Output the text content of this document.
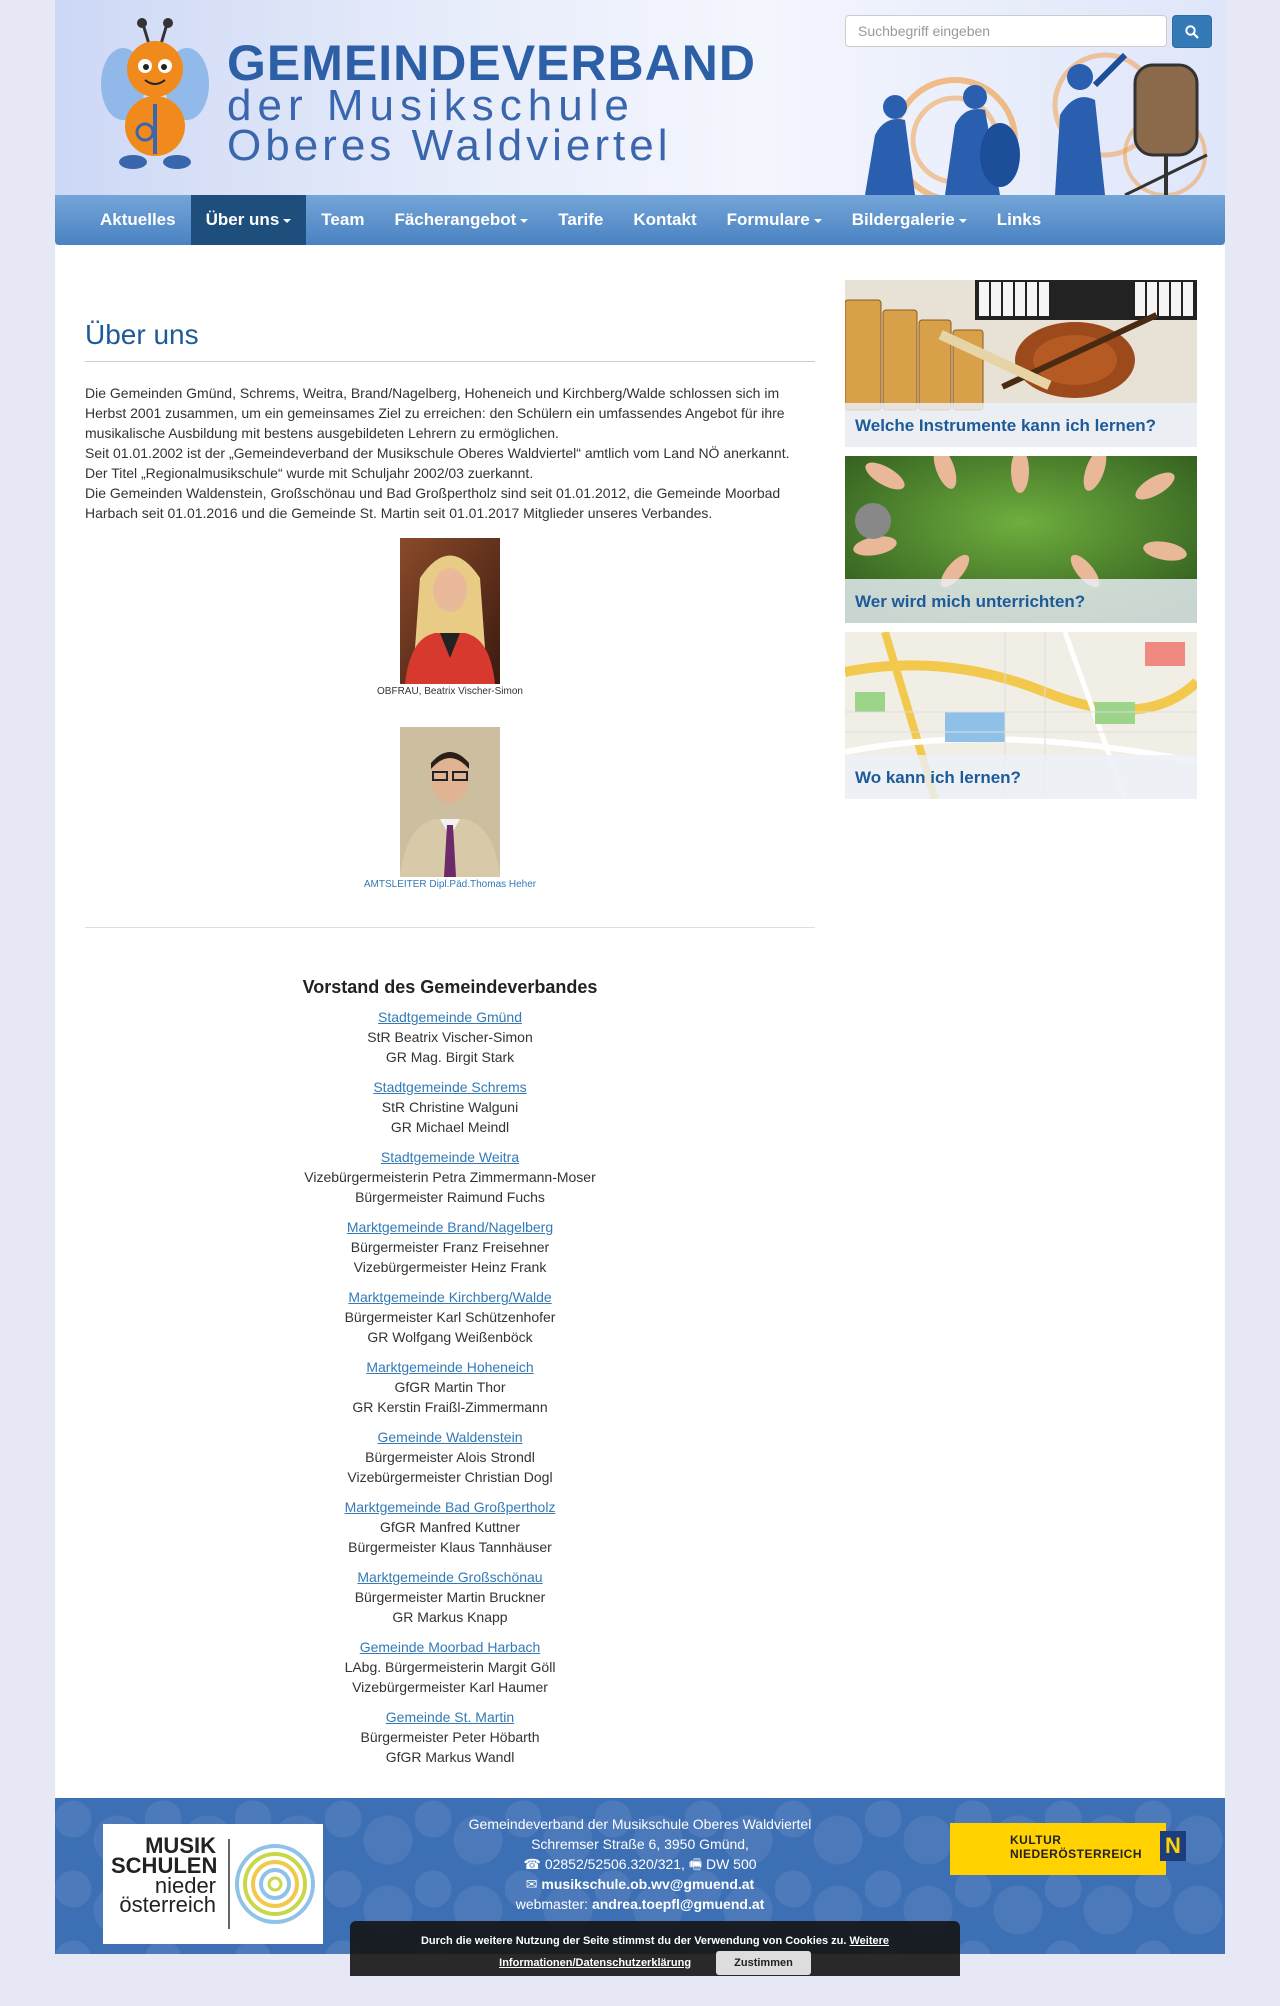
GEMEINDEVERBAND
der Musikschule
Oberes Waldviertel
Suchbegriff eingeben
Aktuelles	Über uns	Team	Fächerangebot	Tarife	Kontakt	Formulare	Bildergalerie	Links
Über uns

Die Gemeinden Gmünd, Schrems, Weitra, Brand/Nagelberg, Hoheneich und Kirchberg/Walde schlossen sich im Herbst 2001 zusammen, um ein gemeinsames Ziel zu erreichen: den Schülern ein umfassendes Angebot für ihre musikalische Ausbildung mit bestens ausgebildeten Lehrern zu ermöglichen.

Seit 01.01.2002 ist der „Gemeindeverband der Musikschule Oberes Waldviertel“ amtlich vom Land NÖ anerkannt.

Der Titel „Regionalmusikschule“ wurde mit Schuljahr 2002/03 zuerkannt.

Die Gemeinden Waldenstein, Großschönau und Bad Großpertholz sind seit 01.01.2012, die Gemeinde Moorbad Harbach seit 01.01.2016 und die Gemeinde St. Martin seit 01.01.2017 Mitglieder unseres Verbandes.

OBFRAU, Beatrix Vischer-Simon
AMTSLEITER Dipl.Päd.Thomas Heher
Vorstand des Gemeindeverbandes
Stadtgemeinde Gmünd
StR Beatrix Vischer-Simon
GR Mag. Birgit Stark
Stadtgemeinde Schrems
StR Christine Walguni
GR Michael Meindl
Stadtgemeinde Weitra
Vizebürgermeisterin Petra Zimmermann-Moser
Bürgermeister Raimund Fuchs
Marktgemeinde Brand/Nagelberg
Bürgermeister Franz Freisehner
Vizebürgermeister Heinz Frank
Marktgemeinde Kirchberg/Walde
Bürgermeister Karl Schützenhofer
GR Wolfgang Weißenböck
Marktgemeinde Hoheneich
GfGR Martin Thor
GR Kerstin Fraißl-Zimmermann
Gemeinde Waldenstein
Bürgermeister Alois Strondl
Vizebürgermeister Christian Dogl
Marktgemeinde Bad Großpertholz
GfGR Manfred Kuttner
Bürgermeister Klaus Tannhäuser
Marktgemeinde Großschönau
Bürgermeister Martin Bruckner
GR Markus Knapp
Gemeinde Moorbad Harbach
LAbg. Bürgermeisterin Margit Göll
Vizebürgermeister Karl Haumer
Gemeinde St. Martin
Bürgermeister Peter Höbarth
GfGR Markus Wandl
Welche Instrumente kann ich lernen?
Wer wird mich unterrichten?
Wo kann ich lernen?
MUSIK
SCHULEN
nieder
österreich
Gemeindeverband der Musikschule Oberes Waldviertel
Schremser Straße 6, 3950 Gmünd,
☎ 02852/52506.320/321, 🖷 DW 500
✉ musikschule.ob.wv@gmuend.at
webmaster: andrea.toepfl@gmuend.at
KULTUR
NIEDERÖSTERREICH N
Durch die weitere Nutzung der Seite stimmst du der Verwendung von Cookies zu. Weitere
Informationen/Datenschutzerklärung	Zustimmen
